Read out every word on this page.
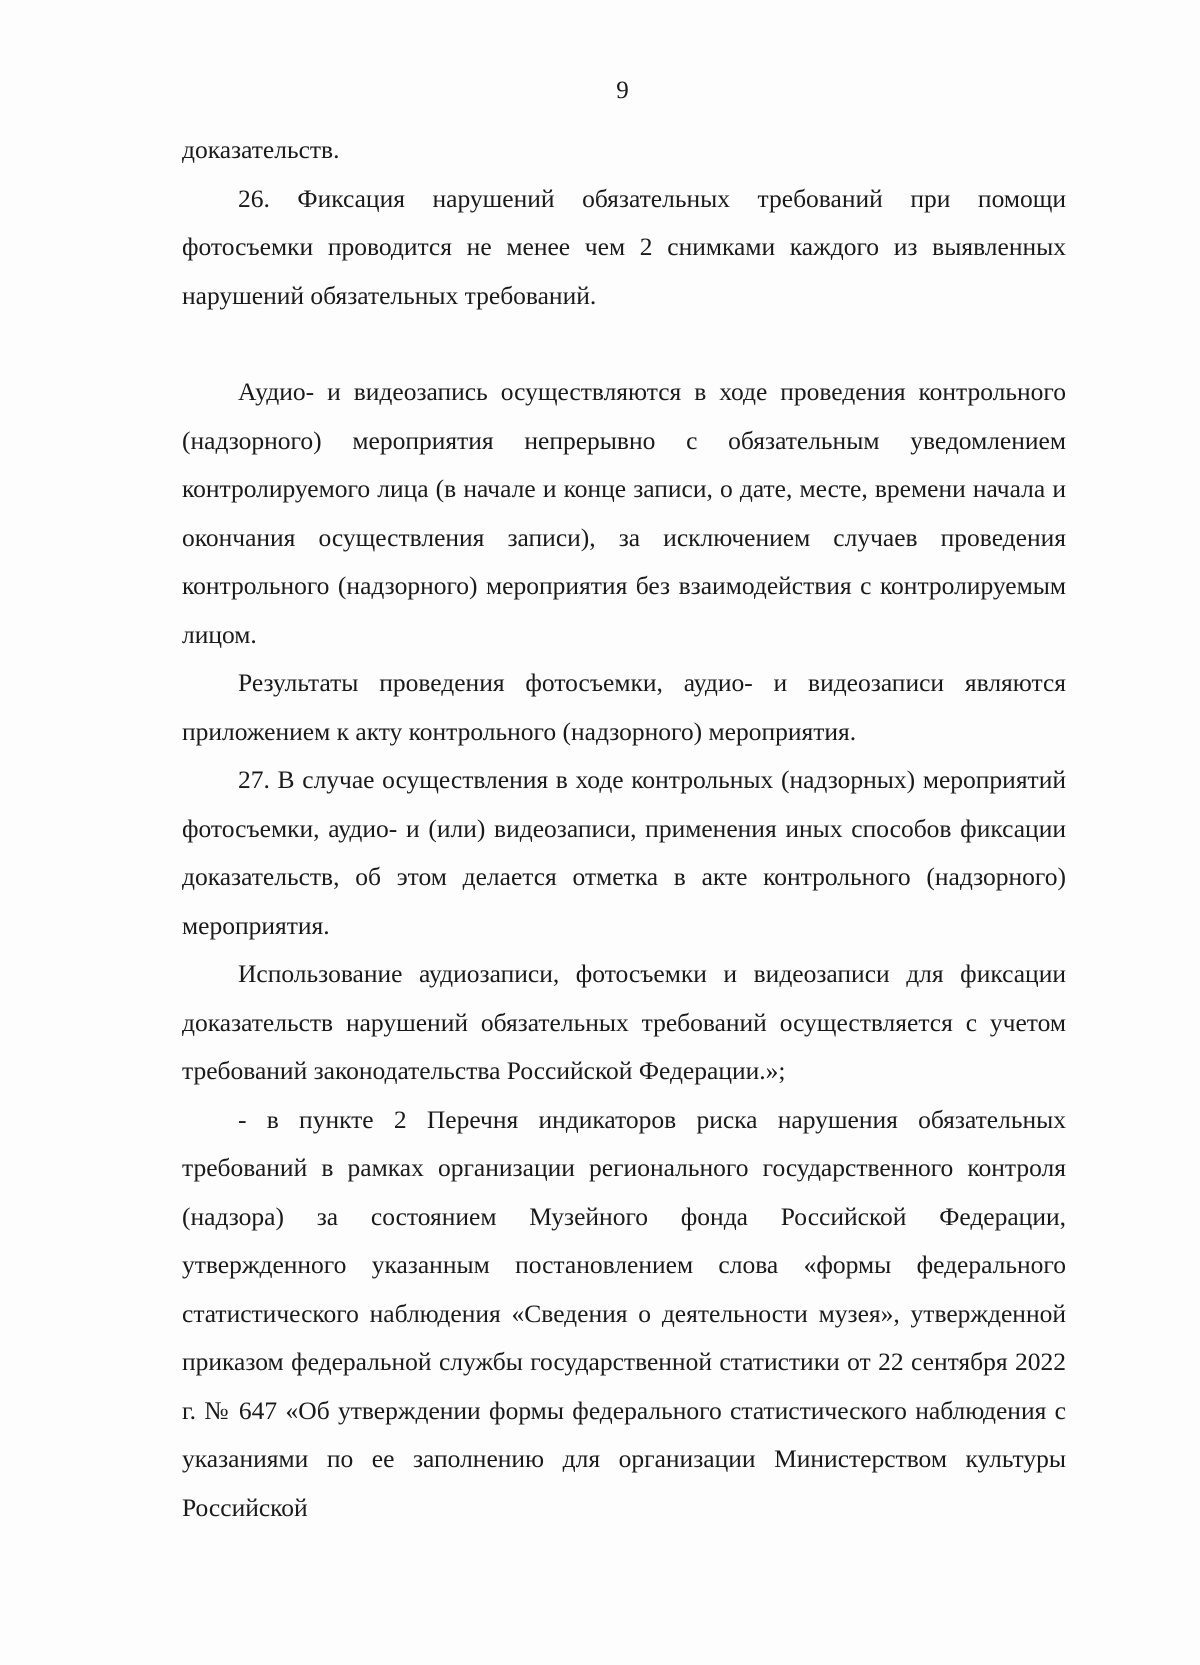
9

доказательств.

26. Фиксация нарушений обязательных требований при помощи фотосъемки проводится не менее чем 2 снимками каждого из выявленных нарушений обязательных требований.

Аудио- и видеозапись осуществляются в ходе проведения контрольного (надзорного) мероприятия непрерывно с обязательным уведомлением контролируемого лица (в начале и конце записи, о дате, месте, времени начала и окончания осуществления записи), за исключением случаев проведения контрольного (надзорного) мероприятия без взаимодействия с контролируемым лицом.

Результаты проведения фотосъемки, аудио- и видеозаписи являются приложением к акту контрольного (надзорного) мероприятия.

27. В случае осуществления в ходе контрольных (надзорных) мероприятий фотосъемки, аудио- и (или) видеозаписи, применения иных способов фиксации доказательств, об этом делается отметка в акте контрольного (надзорного) мероприятия.

Использование аудиозаписи, фотосъемки и видеозаписи для фиксации доказательств нарушений обязательных требований осуществляется с учетом требований законодательства Российской Федерации.»;

- в пункте 2 Перечня индикаторов риска нарушения обязательных требований в рамках организации регионального государственного контроля (надзора) за состоянием Музейного фонда Российской Федерации, утвержденного указанным постановлением слова «формы федерального статистического наблюдения «Сведения о деятельности музея», утвержденной приказом федеральной службы государственной статистики от 22 сентября 2022 г. № 647 «Об утверждении формы федерального статистического наблюдения с указаниями по ее заполнению для организации Министерством культуры Российской
